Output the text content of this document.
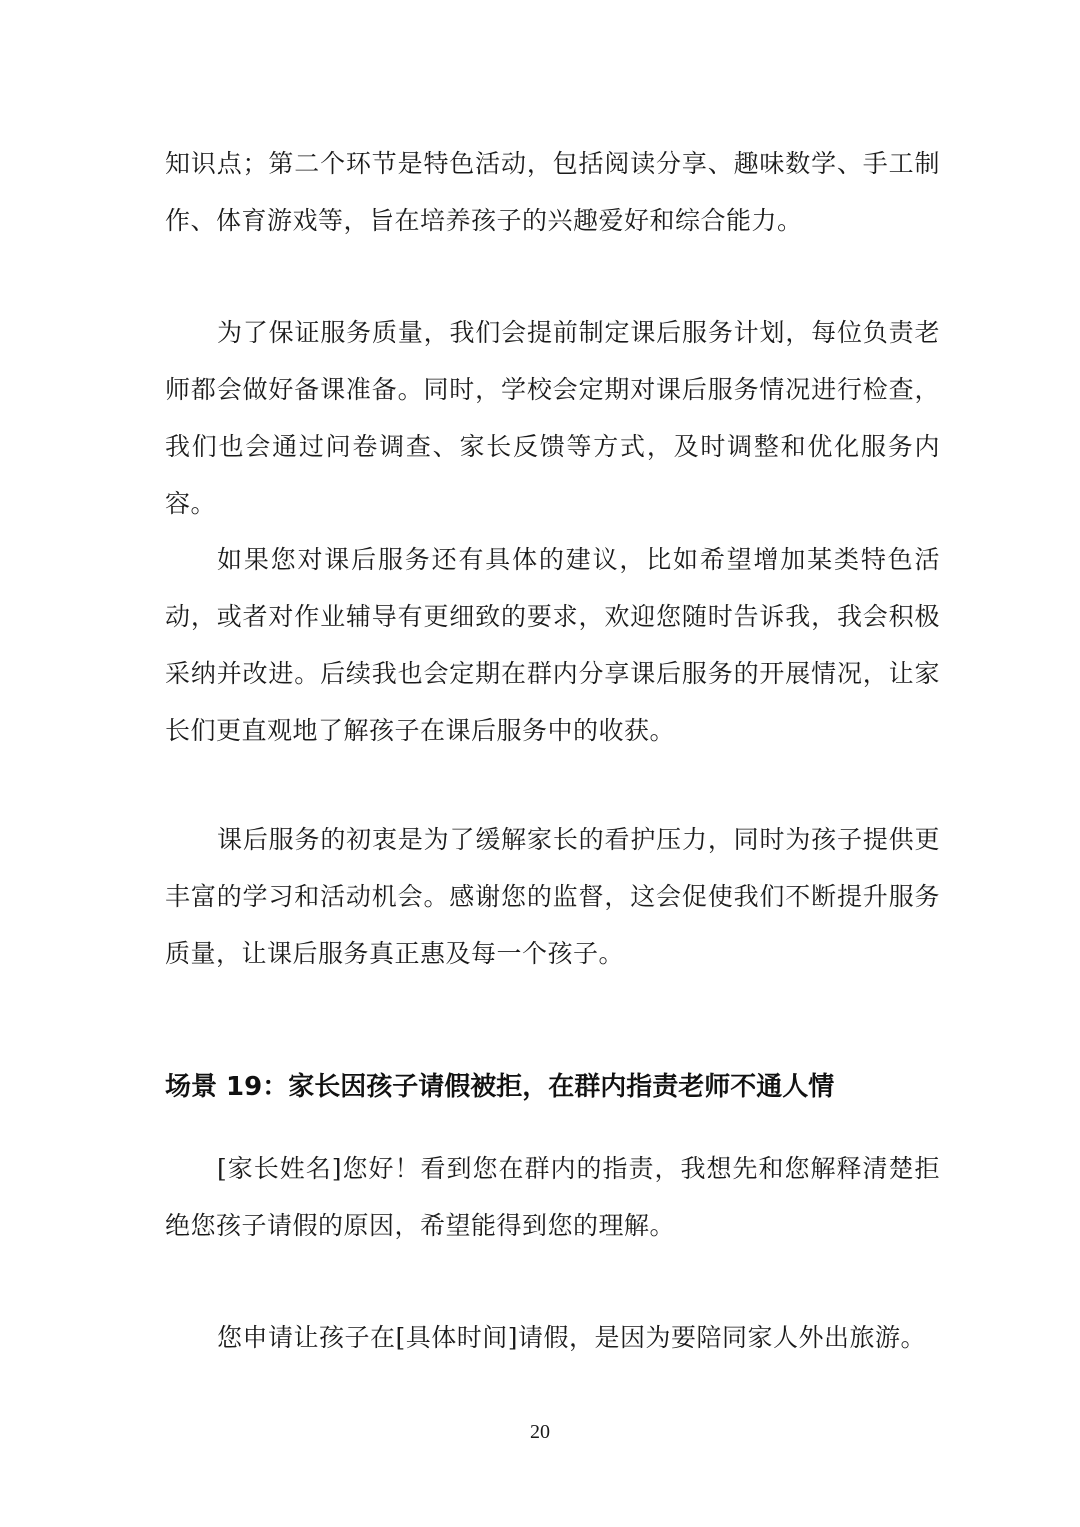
知识点；第二个环节是特色活动，包括阅读分享、趣味数学、手工制作、体育游戏等，旨在培养孩子的兴趣爱好和综合能力。

为了保证服务质量，我们会提前制定课后服务计划，每位负责老师都会做好备课准备。同时，学校会定期对课后服务情况进行检查，我们也会通过问卷调查、家长反馈等方式，及时调整和优化服务内容。

如果您对课后服务还有具体的建议，比如希望增加某类特色活动，或者对作业辅导有更细致的要求，欢迎您随时告诉我，我会积极采纳并改进。后续我也会定期在群内分享课后服务的开展情况，让家长们更直观地了解孩子在课后服务中的收获。

课后服务的初衷是为了缓解家长的看护压力，同时为孩子提供更丰富的学习和活动机会。感谢您的监督，这会促使我们不断提升服务质量，让课后服务真正惠及每一个孩子。

场景 19：家长因孩子请假被拒，在群内指责老师不通人情

[家长姓名]您好！看到您在群内的指责，我想先和您解释清楚拒绝您孩子请假的原因，希望能得到您的理解。

您申请让孩子在[具体时间]请假，是因为要陪同家人外出旅游。

20
